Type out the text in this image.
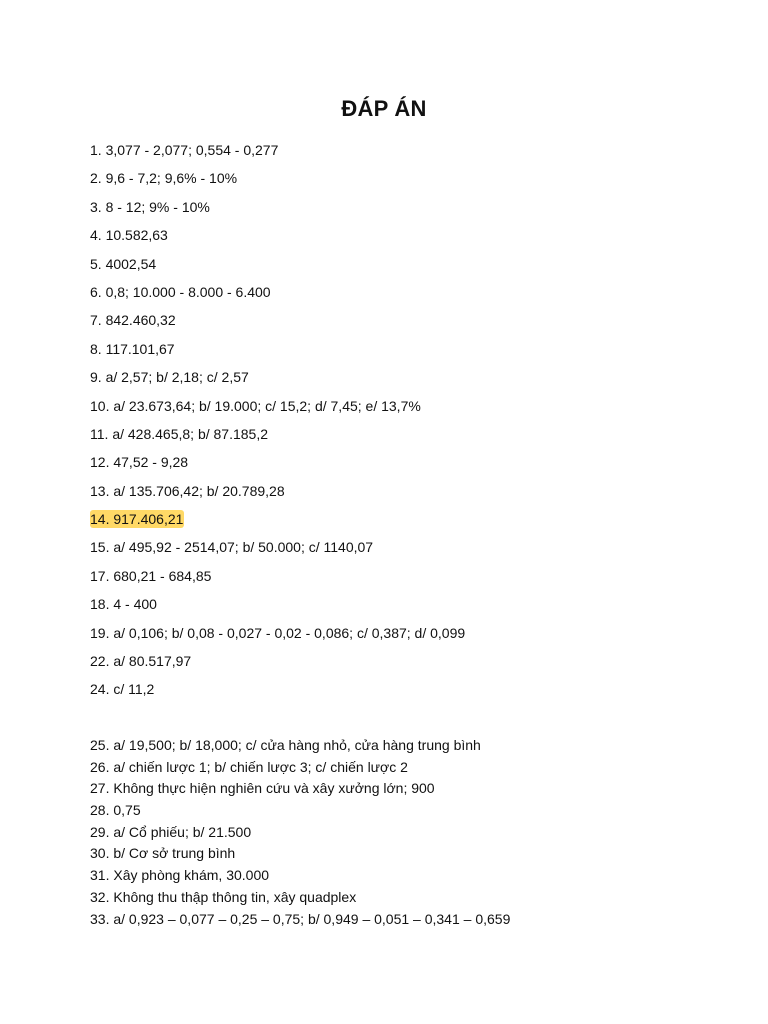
ĐÁP ÁN
1. 3,077 - 2,077; 0,554 - 0,277
2. 9,6 - 7,2; 9,6% - 10%
3. 8 - 12; 9% - 10%
4. 10.582,63
5. 4002,54
6. 0,8; 10.000 - 8.000 - 6.400
7. 842.460,32
8. 117.101,67
9. a/ 2,57; b/ 2,18; c/ 2,57
10. a/ 23.673,64; b/ 19.000; c/ 15,2; d/ 7,45; e/ 13,7%
11. a/ 428.465,8; b/ 87.185,2
12. 47,52 - 9,28
13. a/ 135.706,42; b/ 20.789,28
14. 917.406,21
15. a/ 495,92 - 2514,07; b/ 50.000; c/ 1140,07
17. 680,21 - 684,85
18. 4 - 400
19. a/ 0,106; b/ 0,08 - 0,027 - 0,02 - 0,086; c/ 0,387; d/ 0,099
22. a/ 80.517,97
24. c/ 11,2
25. a/ 19,500; b/ 18,000; c/ cửa hàng nhỏ, cửa hàng trung bình
26. a/ chiến lược 1; b/ chiến lược 3; c/ chiến lược 2
27. Không thực hiện nghiên cứu và xây xưởng lớn; 900
28. 0,75
29. a/ Cổ phiếu; b/ 21.500
30. b/ Cơ sở trung bình
31. Xây phòng khám, 30.000
32. Không thu thập thông tin, xây quadplex
33. a/ 0,923 – 0,077 – 0,25 – 0,75; b/ 0,949 – 0,051 – 0,341 – 0,659
